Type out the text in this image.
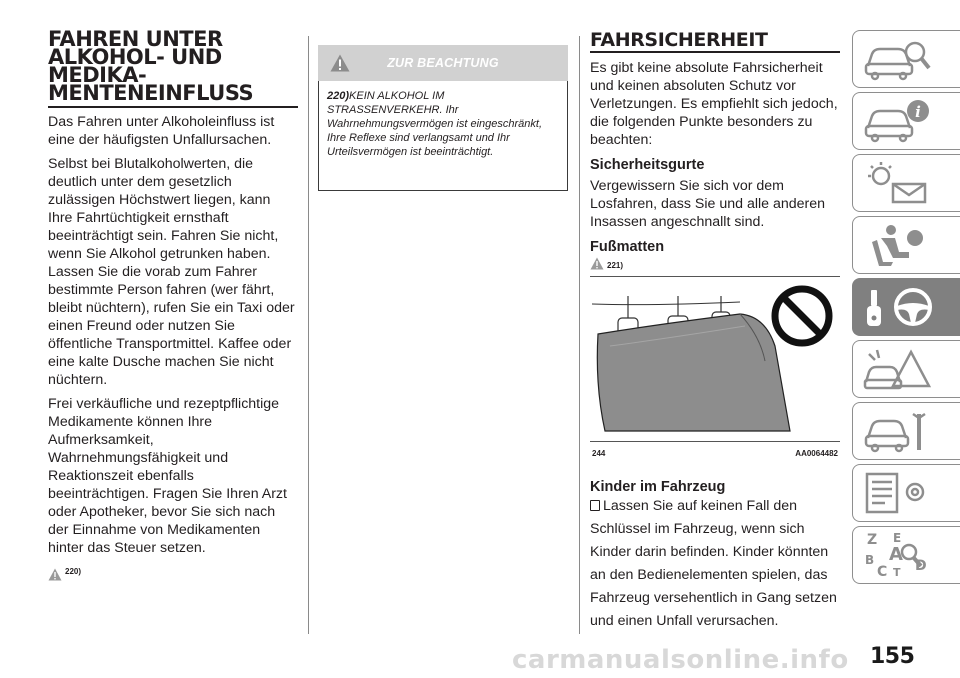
FAHREN UNTER
ALKOHOL- UND
MEDIKA-
MENTENEINFLUSS

Das Fahren unter Alkoholeinfluss ist eine der häufigsten Unfallursachen.

Selbst bei Blutalkoholwerten, die deutlich unter dem gesetzlich zulässigen Höchstwert liegen, kann Ihre Fahrtüchtigkeit ernsthaft beeinträchtigt sein. Fahren Sie nicht, wenn Sie Alkohol getrunken haben. Lassen Sie die vorab zum Fahrer bestimmte Person fahren (wer fährt, bleibt nüchtern), rufen Sie ein Taxi oder einen Freund oder nutzen Sie öffentliche Transportmittel. Kaffee oder eine kalte Dusche machen Sie nicht nüchtern.

Frei verkäufliche und rezeptpflichtige Medikamente können Ihre Aufmerksamkeit, Wahrnehmungsfähigkeit und Reaktionszeit ebenfalls beeinträchtigen. Fragen Sie Ihren Arzt oder Apotheker, bevor Sie sich nach der Einnahme von Medikamenten hinter das Steuer setzen.

220)
ZUR BEACHTUNG
220)KEIN ALKOHOL IM STRASSENVERKEHR. Ihr Wahrnehmungsvermögen ist eingeschränkt, Ihre Reflexe sind verlangsamt und Ihr Urteilsvermögen ist beeinträchtigt.
FAHRSICHERHEIT

Es gibt keine absolute Fahrsicherheit und keinen absoluten Schutz vor Verletzungen. Es empfiehlt sich jedoch, die folgenden Punkte besonders zu beachten:

Sicherheitsgurte

Vergewissern Sie sich vor dem Losfahren, dass Sie und alle anderen Insassen angeschnallt sind.

Fußmatten
221)
244	AA0064482
Kinder im Fahrzeug

Lassen Sie auf keinen Fall den Schlüssel im Fahrzeug, wenn sich Kinder darin befinden. Kinder könnten an den Bedienelementen spielen, das Fahrzeug versehentlich in Gang setzen und einen Unfall verursachen.

i
Z E
A
B
C T D
155
carmanualsonline.info
